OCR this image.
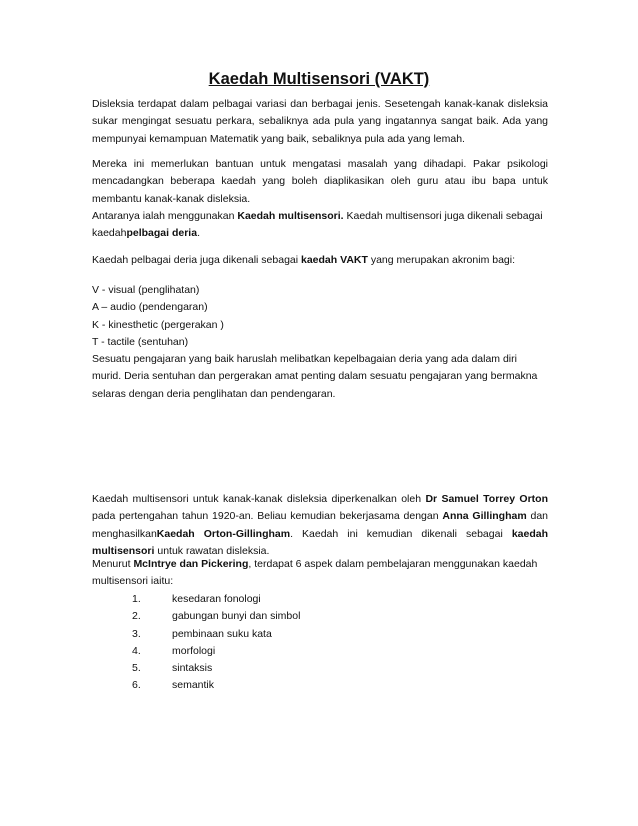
Kaedah Multisensori (VAKT)

Disleksia terdapat dalam pelbagai variasi dan berbagai jenis. Sesetengah kanak-kanak disleksia sukar mengingat sesuatu perkara, sebaliknya ada pula yang ingatannya sangat baik. Ada yang mempunyai kemampuan Matematik yang baik, sebaliknya pula ada yang lemah.

Mereka ini memerlukan bantuan untuk mengatasi masalah yang dihadapi. Pakar psikologi mencadangkan beberapa kaedah yang boleh diaplikasikan oleh guru atau ibu bapa untuk membantu kanak-kanak disleksia.

Antaranya ialah menggunakan Kaedah multisensori. Kaedah multisensori juga dikenali sebagai kaedahpelbagai deria.

Kaedah pelbagai deria juga dikenali sebagai kaedah VAKT yang merupakan akronim bagi:

V - visual (penglihatan)
A – audio (pendengaran)
K - kinesthetic (pergerakan )
T - tactile (sentuhan)
Sesuatu pengajaran yang baik haruslah melibatkan kepelbagaian deria yang ada dalam diri
murid. Deria sentuhan dan pergerakan amat penting dalam sesuatu pengajaran yang bermakna
selaras dengan deria penglihatan dan pendengaran.

Kaedah multisensori untuk kanak-kanak disleksia diperkenalkan oleh Dr Samuel Torrey Orton pada pertengahan tahun 1920-an. Beliau kemudian bekerjasama dengan Anna Gillingham dan menghasilkanKaedah Orton-Gillingham. Kaedah ini kemudian dikenali sebagai kaedah multisensori untuk rawatan disleksia.

Menurut McIntrye dan Pickering, terdapat 6 aspek dalam pembelajaran menggunakan kaedah multisensori iaitu:

1.	kesedaran fonologi
2.	gabungan bunyi dan simbol
3.	pembinaan suku kata
4.	morfologi
5.	sintaksis
6.	semantik
